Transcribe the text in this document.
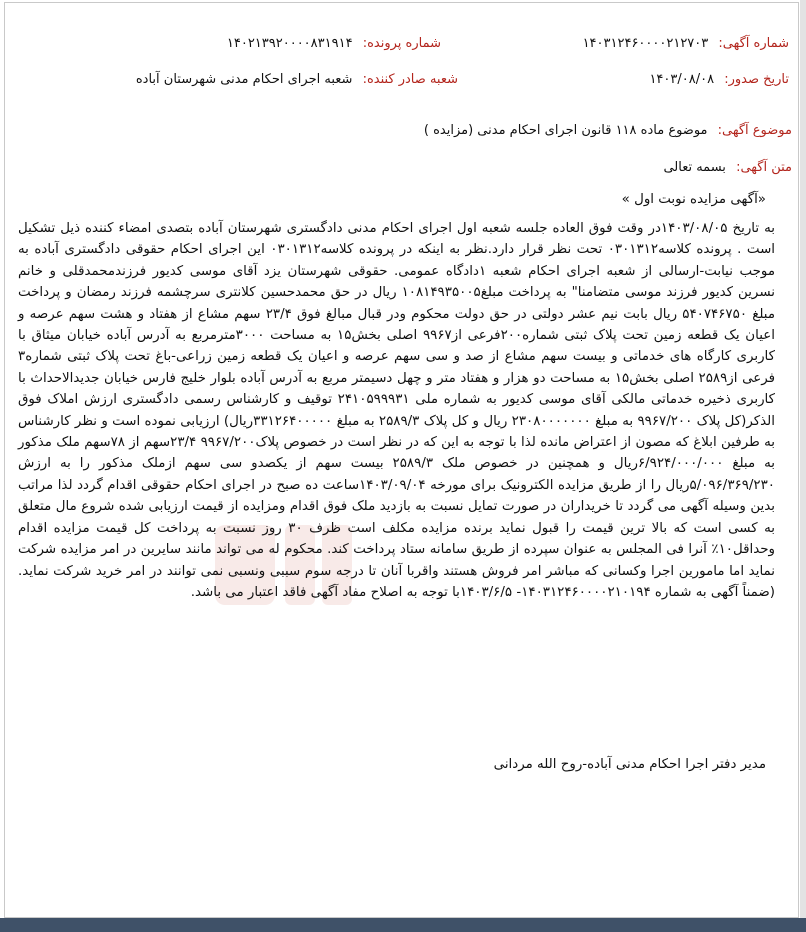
شماره آگهی: ۱۴۰۳۱۲۴۶۰۰۰۰۲۱۲۷۰۳
شماره پرونده: ۱۴۰۲۱۳۹۲۰۰۰۰۸۳۱۹۱۴
تاریخ صدور: ۱۴۰۳/۰۸/۰۸
شعبه صادر کننده: شعبه اجرای احکام مدنی شهرستان آباده
موضوع آگهی: موضوع ماده ۱۱۸ قانون اجرای احکام مدنی (مزایده )
متن آگهی: بسمه تعالی
«آگهی مزایده نوبت اول »

به تاریخ ۱۴۰۳/۰۸/۰۵در وقت فوق العاده جلسه شعبه اول اجرای احکام مدنی دادگستری شهرستان آباده بتصدی امضاء کننده ذیل تشکیل است . پرونده کلاسه۰۳۰۱۳۱۲ تحت نظر قرار دارد.نظر به اینکه در پرونده کلاسه۰۳۰۱۳۱۲ این اجرای احکام حقوقی دادگستری آباده به موجب نیابت-ارسالی از شعبه اجرای احکام شعبه ۱دادگاه عمومی. حقوقی شهرستان یزد آقای موسی کدیور فرزندمحمدقلی و خانم نسرین کدیور فرزند موسی متضامنا" به پرداخت مبلغ۱۰۸۱۴۹۳۵۰۰۵ ریال در حق محمدحسین کلانتری سرچشمه فرزند رمضان و پرداخت مبلغ ۵۴۰۷۴۶۷۵۰ ریال بابت نیم عشر دولتی در حق دولت محکوم ودر قبال مبالغ فوق ۲۳/۴ سهم مشاع از هفتاد و هشت سهم عرصه و اعیان یک قطعه زمین تحت پلاک ثبتی شماره۲۰۰فرعی از۹۹۶۷ اصلی بخش۱۵ به مساحت ۳۰۰۰مترمربع به آدرس آباده خیابان میثاق با کاربری کارگاه های خدماتی و بیست سهم مشاع از صد و سی سهم عرصه و اعیان یک قطعه زمین زراعی-باغ تحت پلاک ثبتی شماره۳ فرعی از۲۵۸۹ اصلی بخش۱۵ به مساحت دو هزار و هفتاد متر و چهل دسیمتر مربع به آدرس آباده بلوار خلیج فارس خیابان جدیدالاحداث با کاربری ذخیره خدماتی مالکی آقای موسی کدیور به شماره ملی ۲۴۱۰۵۹۹۹۳۱ توقیف و کارشناس رسمی دادگستری ارزش املاک فوق الذکر(کل پلاک ۹۹۶۷/۲۰۰ به مبلغ ۲۳۰۸۰۰۰۰۰۰۰ ریال و کل پلاک ۲۵۸۹/۳ به مبلغ ۳۳۱۲۶۴۰۰۰۰۰ریال) ارزیابی نموده است و نظر کارشناس به طرفین ابلاغ که مصون از اعتراض مانده لذا با توجه به این که در نظر است در خصوص پلاک۹۹۶۷/۲۰۰ ۲۳/۴سهم از ۷۸سهم ملک مذکور به مبلغ ۶/۹۲۴/۰۰۰/۰۰۰ریال و همچنین در خصوص ملک ۲۵۸۹/۳ بیست سهم از یکصدو سی سهم ازملک مذکور را به ارزش ۵/۰۹۶/۳۶۹/۲۳۰ریال را از طریق مزایده الکترونیک برای مورخه ۱۴۰۳/۰۹/۰۴ساعت ده صبح در اجرای احکام حقوقی اقدام گردد لذا مراتب بدین وسیله آگهی می گردد تا خریداران در صورت تمایل نسبت به بازدید ملک فوق اقدام ومزایده از قیمت ارزیابی شده شروع مال متعلق به کسی است که بالا ترین قیمت را قبول نماید برنده مزایده مکلف است ظرف ۳۰ روز نسبت به پرداخت کل قیمت مزایده اقدام وحداقل۱۰٪ آنرا فی المجلس به عنوان سپرده از طریق سامانه ستاد پرداخت کند. محکوم له می تواند مانند سایرین در امر مزایده شرکت نماید اما مامورین اجرا وکسانی که مباشر امر فروش هستند واقربا آنان تا درجه سوم سببی ونسبی نمی توانند در امر خرید شرکت نماید. (ضمناً آگهی به شماره ۱۴۰۳۱۲۴۶۰۰۰۰۲۱۰۱۹۴- ۱۴۰۳/۶/۵با توجه به اصلاح مفاد آگهی فاقد اعتبار می باشد.

مدیر دفتر اجرا احکام مدنی آباده-روح الله مردانی
